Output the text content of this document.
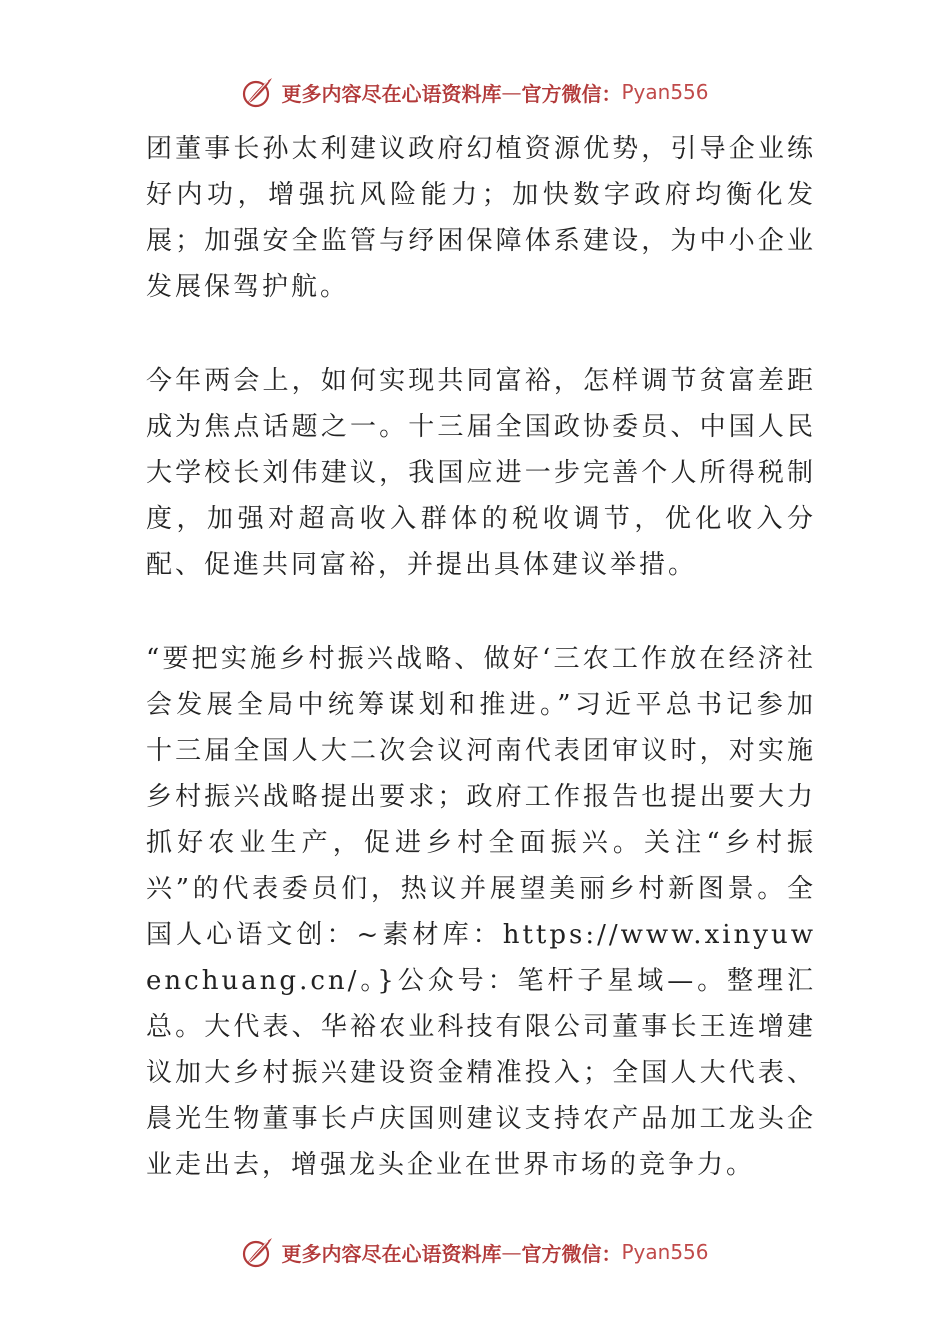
更多内容尽在心语资料库 — 官方微信： Pyan556

团董事长孙太利建议政府幻植资源优势，引导企业练好内功，增强抗风险能力；加快数字政府均衡化发展；加强安全监管与纾困保障体系建设，为中小企业发展保驾护航。

今年两会上，如何实现共同富裕，怎样调节贫富差距成为焦点话题之一。十三届全国政协委员、中国人民大学校长刘伟建议，我国应进一步完善个人所得税制度，加强对超高收入群体的税收调节，优化收入分配、促進共同富裕，并提出具体建议举措。

“要把实施乡村振兴战略、做好‘三农工作放在经济社会发展全局中统筹谋划和推进。”习近平总书记参加十三届全国人大二次会议河南代表团审议时，对实施乡村振兴战略提出要求；政府工作报告也提出要大力抓好农业生产，促进乡村全面振兴。关注“乡村振兴”的代表委员们，热议并展望美丽乡村新图景。全国人心语文创：~素材库：https://www.xinyuwenchuang.cn/。}公众号：笔杆子星域—。整理汇总。大代表、华裕农业科技有限公司董事长王连增建议加大乡村振兴建设资金精准投入；全国人大代表、晨光生物董事长卢庆国则建议支持农产品加工龙头企业走出去，增强龙头企业在世界市场的竞争力。

更多内容尽在心语资料库 — 官方微信： Pyan556
